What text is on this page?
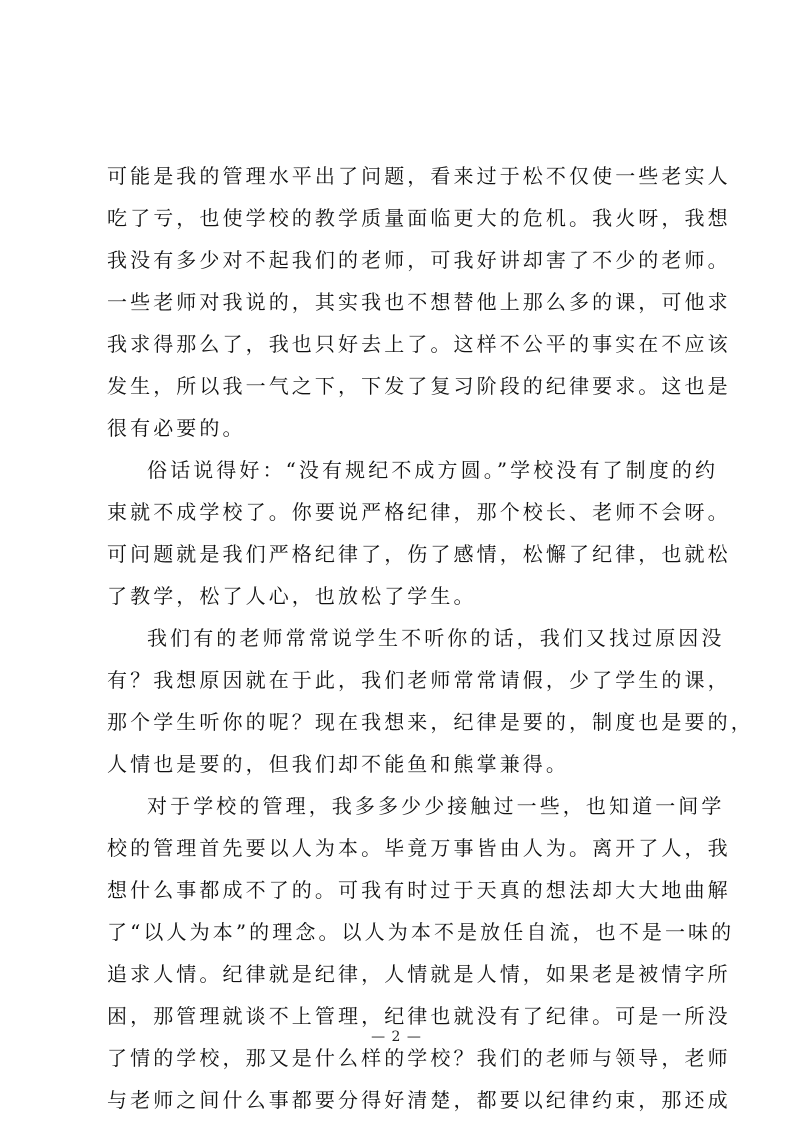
可能是我的管理水平出了问题，看来过于松不仅使一些老实人
吃了亏，也使学校的教学质量面临更大的危机。我火呀，我想
我没有多少对不起我们的老师，可我好讲却害了不少的老师。
一些老师对我说的，其实我也不想替他上那么多的课，可他求
我求得那么了，我也只好去上了。这样不公平的事实在不应该
发生，所以我一气之下，下发了复习阶段的纪律要求。这也是
很有必要的。
俗话说得好：“没有规纪不成方圆。”学校没有了制度的约
束就不成学校了。你要说严格纪律，那个校长、老师不会呀。
可问题就是我们严格纪律了，伤了感情，松懈了纪律，也就松
了教学，松了人心，也放松了学生。
我们有的老师常常说学生不听你的话，我们又找过原因没
有？我想原因就在于此，我们老师常常请假，少了学生的课，
那个学生听你的呢？现在我想来，纪律是要的，制度也是要的，
人情也是要的，但我们却不能鱼和熊掌兼得。
对于学校的管理，我多多少少接触过一些，也知道一间学
校的管理首先要以人为本。毕竟万事皆由人为。离开了人，我
想什么事都成不了的。可我有时过于天真的想法却大大地曲解
了“以人为本”的理念。以人为本不是放任自流，也不是一味的
追求人情。纪律就是纪律，人情就是人情，如果老是被情字所
困，那管理就谈不上管理，纪律也就没有了纪律。可是一所没
了情的学校，那又是什么样的学校？我们的老师与领导，老师
与老师之间什么事都要分得好清楚，都要以纪律约束，那还成
— 2 —
